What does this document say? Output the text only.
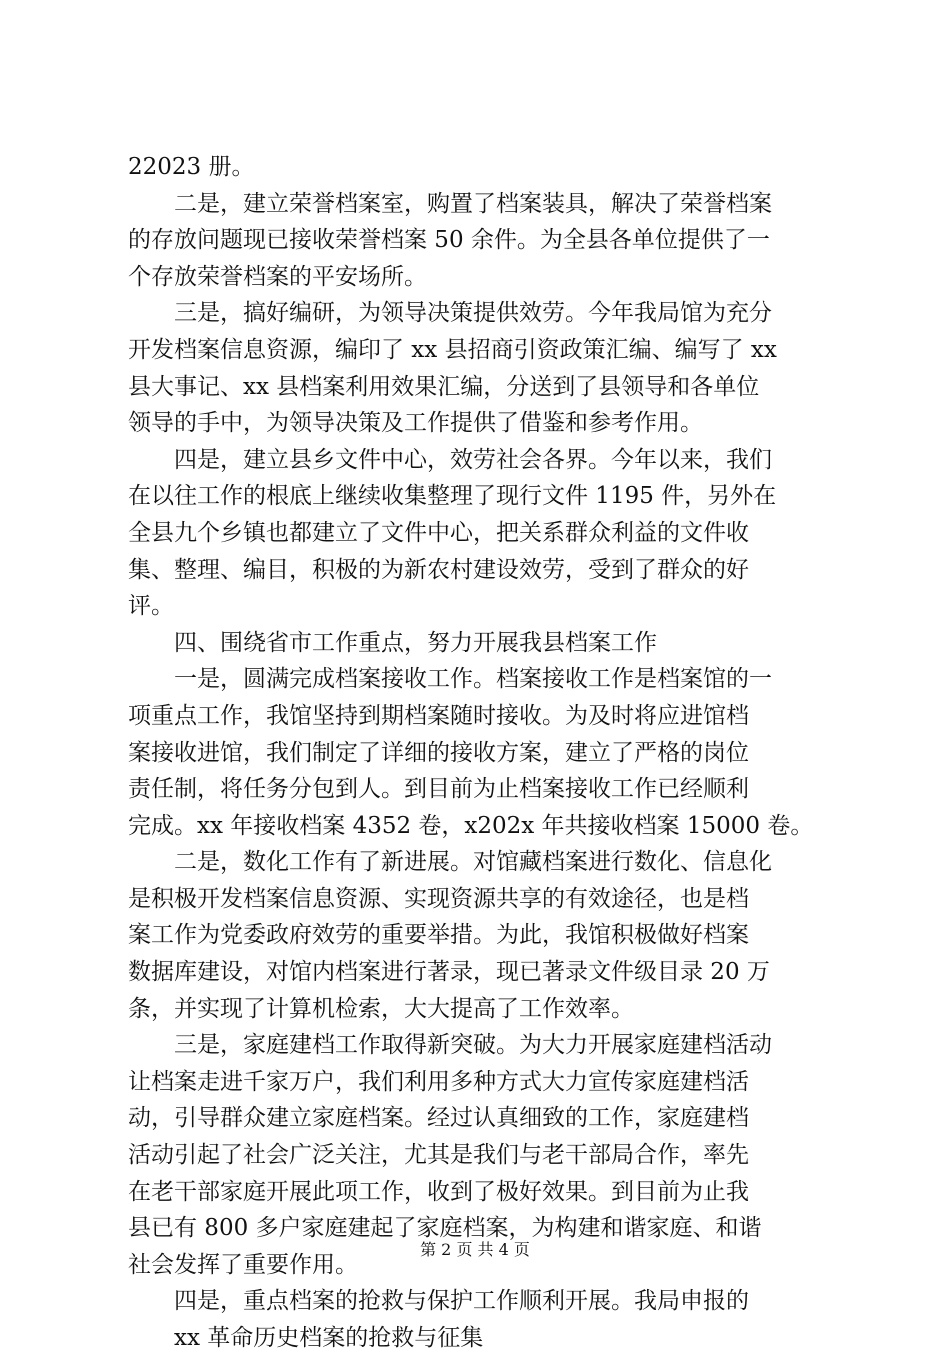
22023 册。
二是，建立荣誉档案室，购置了档案装具，解决了荣誉档案
的存放问题现已接收荣誉档案 50 余件。为全县各单位提供了一
个存放荣誉档案的平安场所。
三是，搞好编研，为领导决策提供效劳。今年我局馆为充分
开发档案信息资源，编印了 xx 县招商引资政策汇编、编写了 xx
县大事记、xx 县档案利用效果汇编，分送到了县领导和各单位
领导的手中，为领导决策及工作提供了借鉴和参考作用。
四是，建立县乡文件中心，效劳社会各界。今年以来，我们
在以往工作的根底上继续收集整理了现行文件 1195 件，另外在
全县九个乡镇也都建立了文件中心，把关系群众利益的文件收
集、整理、编目，积极的为新农村建设效劳，受到了群众的好
评。
四、围绕省市工作重点，努力开展我县档案工作
一是，圆满完成档案接收工作。档案接收工作是档案馆的一
项重点工作，我馆坚持到期档案随时接收。为及时将应进馆档
案接收进馆，我们制定了详细的接收方案，建立了严格的岗位
责任制，将任务分包到人。到目前为止档案接收工作已经顺利
完成。xx 年接收档案 4352 卷，x202x 年共接收档案 15000 卷。
二是，数化工作有了新进展。对馆藏档案进行数化、信息化
是积极开发档案信息资源、实现资源共享的有效途径，也是档
案工作为党委政府效劳的重要举措。为此，我馆积极做好档案
数据库建设，对馆内档案进行著录，现已著录文件级目录 20 万
条，并实现了计算机检索，大大提高了工作效率。
三是，家庭建档工作取得新突破。为大力开展家庭建档活动
让档案走进千家万户，我们利用多种方式大力宣传家庭建档活
动，引导群众建立家庭档案。经过认真细致的工作，家庭建档
活动引起了社会广泛关注，尤其是我们与老干部局合作，率先
在老干部家庭开展此项工作，收到了极好效果。到目前为止我
县已有 800 多户家庭建起了家庭档案，为构建和谐家庭、和谐
社会发挥了重要作用。
四是，重点档案的抢救与保护工作顺利开展。我局申报的
xx 革命历史档案的抢救与征集
第 2 页 共 4 页
